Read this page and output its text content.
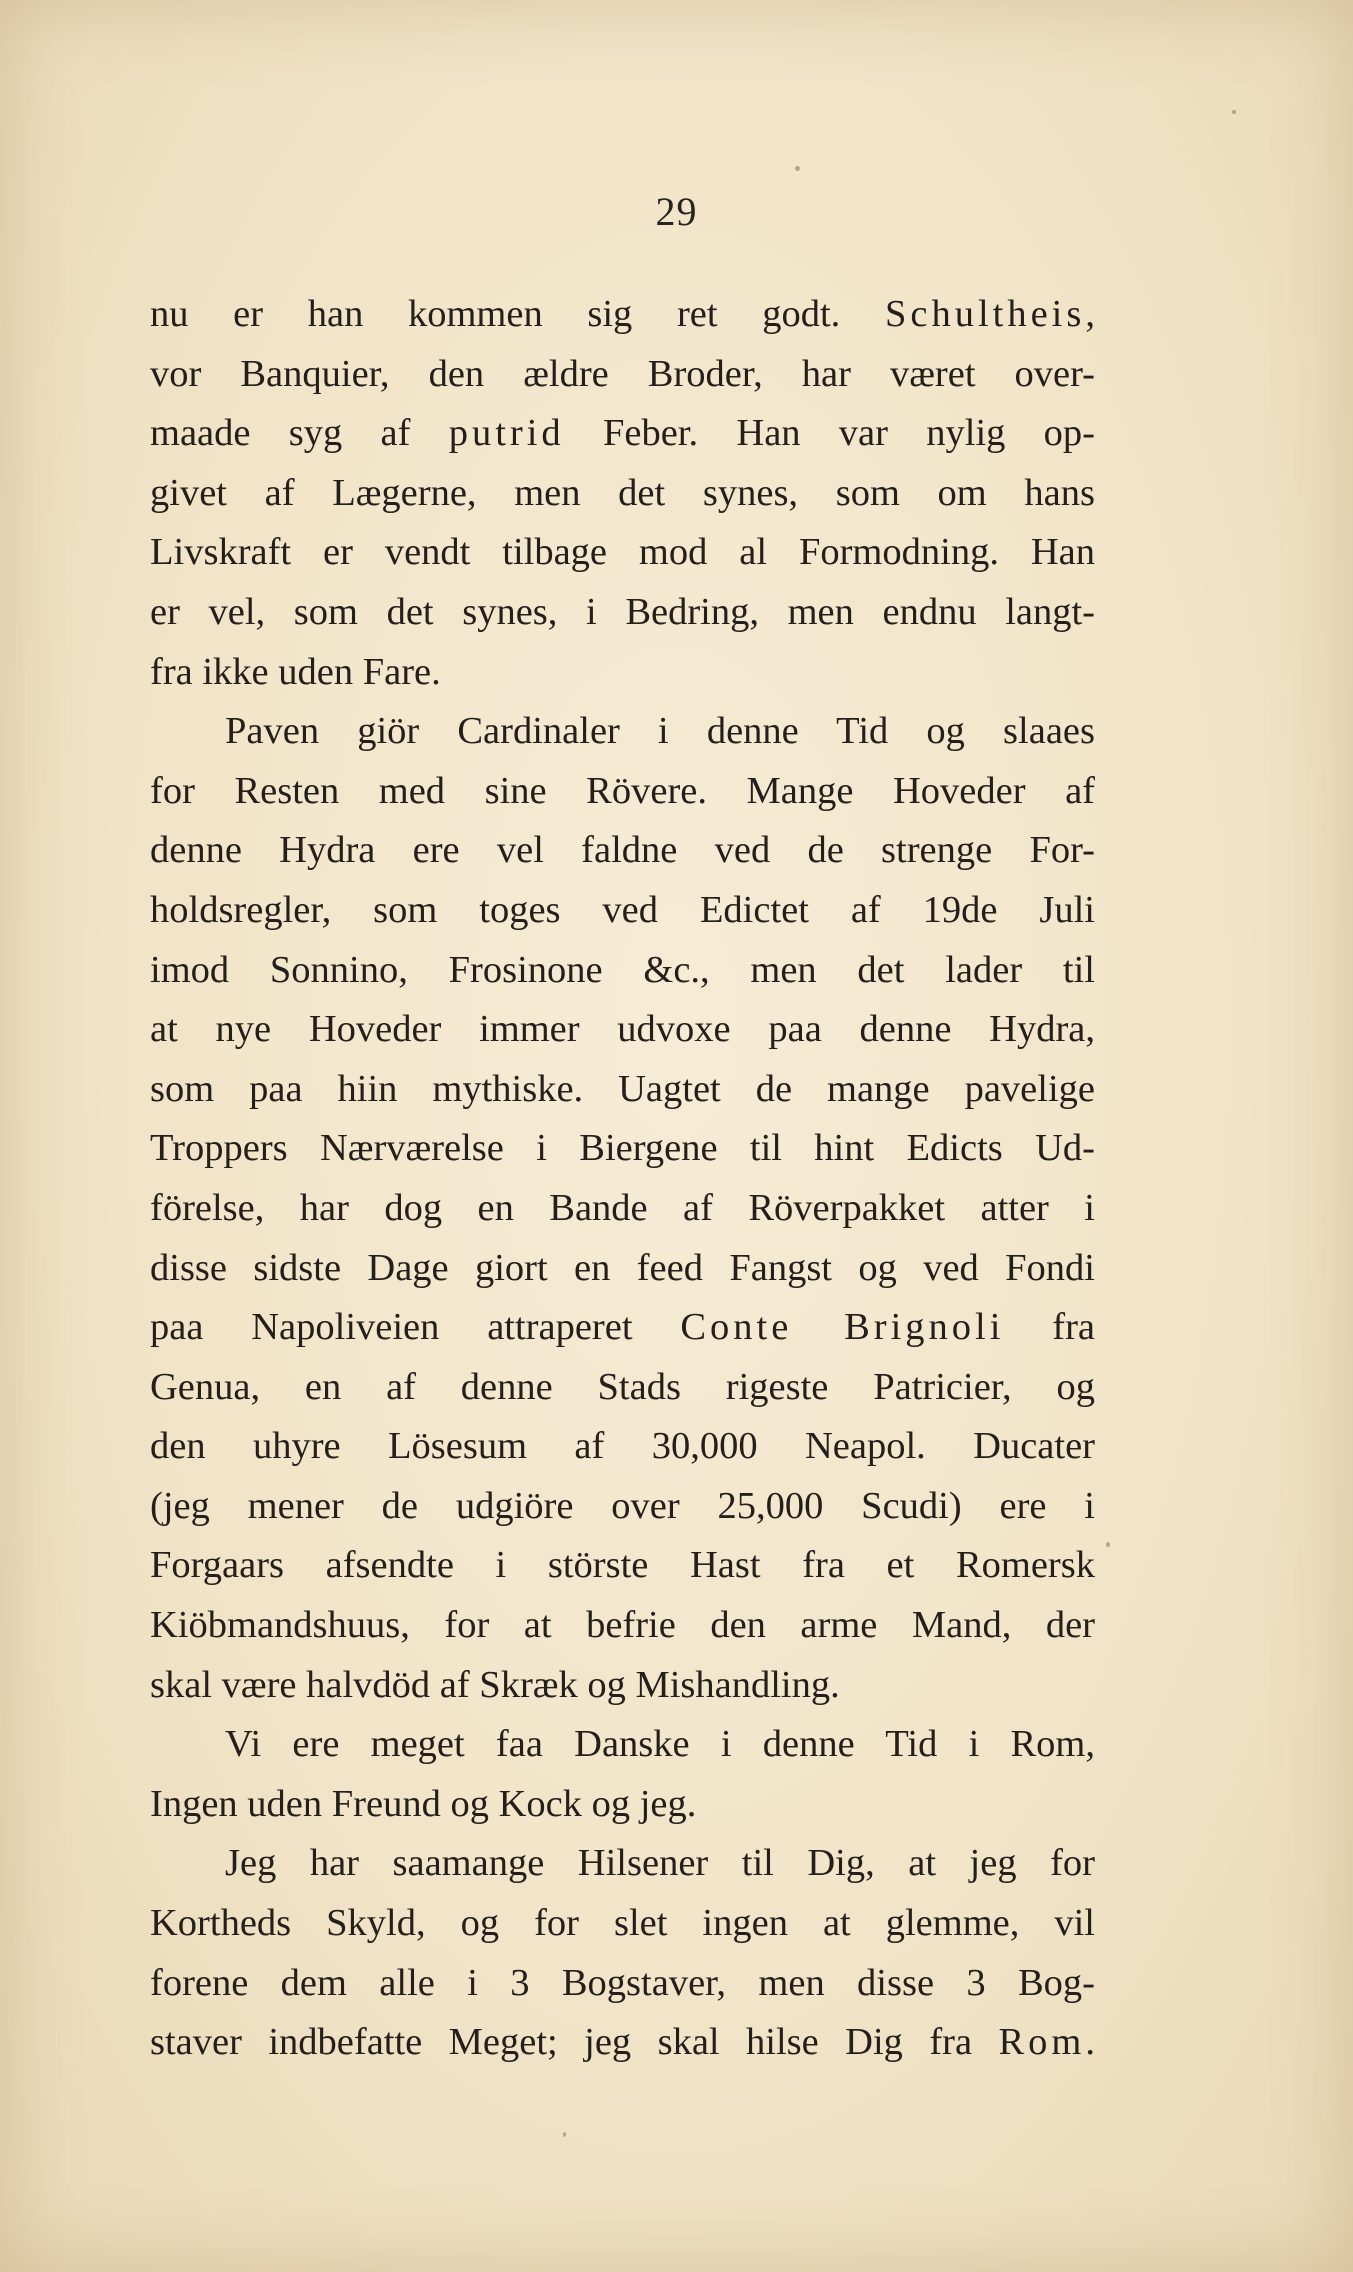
29
nu er han kommen sig ret godt. Schultheis,
vor Banquier, den ældre Broder, har været over-
maade syg af putrid Feber. Han var nylig op-
givet af Lægerne, men det synes, som om hans
Livskraft er vendt tilbage mod al Formodning. Han
er vel, som det synes, i Bedring, men endnu langt-
fra ikke uden Fare.
Paven giör Cardinaler i denne Tid og slaaes
for Resten med sine Rövere. Mange Hoveder af
denne Hydra ere vel faldne ved de strenge For-
holdsregler, som toges ved Edictet af 19de Juli
imod Sonnino, Frosinone &c., men det lader til
at nye Hoveder immer udvoxe paa denne Hydra,
som paa hiin mythiske. Uagtet de mange pavelige
Troppers Nærværelse i Biergene til hint Edicts Ud-
förelse, har dog en Bande af Röverpakket atter i
disse sidste Dage giort en feed Fangst og ved Fondi
paa Napoliveien attraperet Conte Brignoli fra
Genua, en af denne Stads rigeste Patricier, og
den uhyre Lösesum af 30,000 Neapol. Ducater
(jeg mener de udgiöre over 25,000 Scudi) ere i
Forgaars afsendte i störste Hast fra et Romersk
Kiöbmandshuus, for at befrie den arme Mand, der
skal være halvdöd af Skræk og Mishandling.
Vi ere meget faa Danske i denne Tid i Rom,
Ingen uden Freund og Kock og jeg.
Jeg har saamange Hilsener til Dig, at jeg for
Kortheds Skyld, og for slet ingen at glemme, vil
forene dem alle i 3 Bogstaver, men disse 3 Bog-
staver indbefatte Meget; jeg skal hilse Dig fra Rom.
